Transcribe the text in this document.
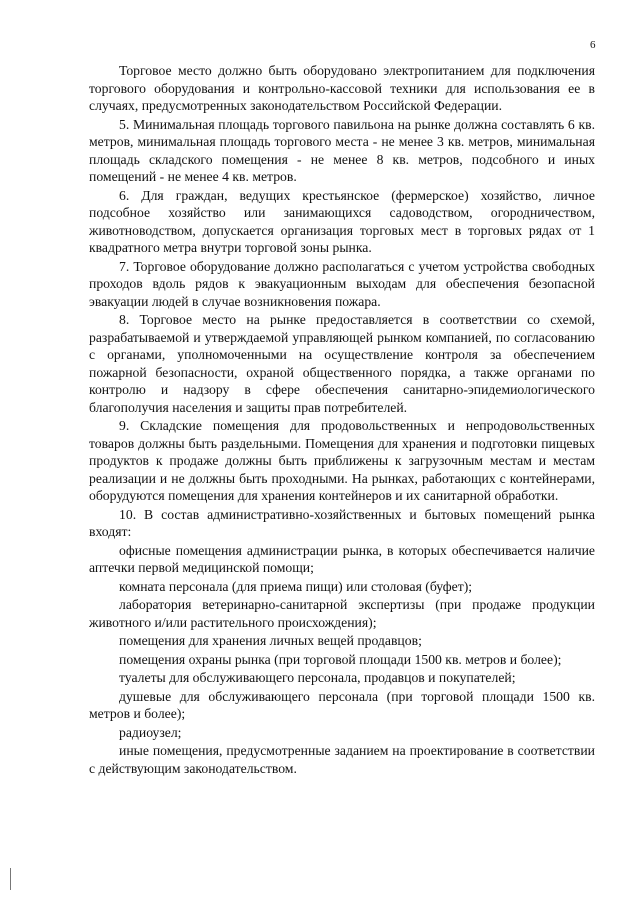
6

Торговое место должно быть оборудовано электропитанием для подключения торгового оборудования и контрольно-кассовой техники для использования ее в случаях, предусмотренных законодательством Российской Федерации.

5. Минимальная площадь торгового павильона на рынке должна составлять 6 кв. метров, минимальная площадь торгового места - не менее 3 кв. метров, минимальная площадь складского помещения - не менее 8 кв. метров, подсобного и иных помещений - не менее 4 кв. метров.

6. Для граждан, ведущих крестьянское (фермерское) хозяйство, личное подсобное хозяйство или занимающихся садоводством, огородничеством, животноводством, допускается организация торговых мест в торговых рядах от 1 квадратного метра внутри торговой зоны рынка.

7. Торговое оборудование должно располагаться с учетом устройства свободных проходов вдоль рядов к эвакуационным выходам для обеспечения безопасной эвакуации людей в случае возникновения пожара.

8. Торговое место на рынке предоставляется в соответствии со схемой, разрабатываемой и утверждаемой управляющей рынком компанией, по согласованию с органами, уполномоченными на осуществление контроля за обеспечением пожарной безопасности, охраной общественного порядка, а также органами по контролю и надзору в сфере обеспечения санитарно-эпидемиологического благополучия населения и защиты прав потребителей.

9. Складские помещения для продовольственных и непродовольственных товаров должны быть раздельными. Помещения для хранения и подготовки пищевых продуктов к продаже должны быть приближены к загрузочным местам и местам реализации и не должны быть проходными. На рынках, работающих с контейнерами, оборудуются помещения для хранения контейнеров и их санитарной обработки.

10. В состав административно-хозяйственных и бытовых помещений рынка входят:

офисные помещения администрации рынка, в которых обеспечивается наличие аптечки первой медицинской помощи;

комната персонала (для приема пищи) или столовая (буфет);

лаборатория ветеринарно-санитарной экспертизы (при продаже продукции животного и/или растительного происхождения);

помещения для хранения личных вещей продавцов;

помещения охраны рынка (при торговой площади 1500 кв. метров и более);

туалеты для обслуживающего персонала, продавцов и покупателей;

душевые для обслуживающего персонала (при торговой площади 1500 кв. метров и более);

радиоузел;

иные помещения, предусмотренные заданием на проектирование в соответствии с действующим законодательством.
